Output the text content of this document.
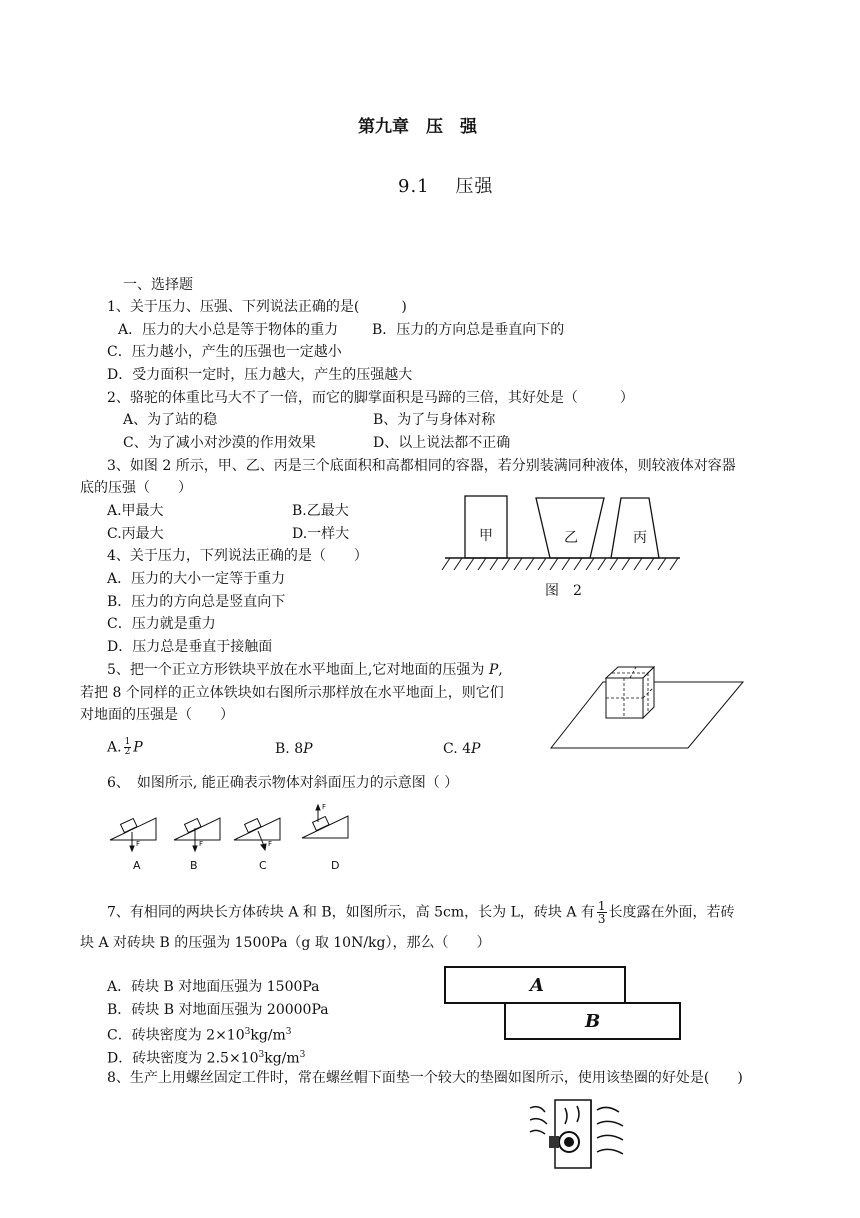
第九章　压　强
9.1　 压强
一、选择题
1、关于压力、压强、下列说法正确的是(　　　)
A．压力的大小总是等于物体的重力 B．压力的方向总是垂直向下的
C．压力越小，产生的压强也一定越小
D．受力面积一定时，压力越大，产生的压强越大
2、骆驼的体重比马大不了一倍，而它的脚掌面积是马蹄的三倍，其好处是（　　　）
A、为了站的稳	B、为了与身体对称
C、为了减小对沙漠的作用效果	D、以上说法都不正确
3、如图 2 所示，甲、乙、丙是三个底面积和高都相同的容器，若分别装满同种液体，则较液体对容器
底的压强（　　）
A.甲最大	B.乙最大
C.丙最大	D.一样大	甲	乙	丙
图　2
4、关于压力，下列说法正确的是（　　）
A．压力的大小一定等于重力
B．压力的方向总是竖直向下
C．压力就是重力
D．压力总是垂直于接触面
5、把一个正立方形铁块平放在水平地面上,它对地面的压强为 P,
若把 8 个同样的正立体铁块如右图所示那样放在水平地面上，则它们
对地面的压强是（　　）
A. $\frac{1}{2}$ P	B. 8P	C. 4P
6、　如图所示, 能正确表示物体对斜面压力的示意图（ ）
F	F	F
F
A	B	C	D
7、有相同的两块长方体砖块 A 和 B，如图所示，高 5cm，长为 L，砖块 A 有 $\frac{1}{3}$ 长度露在外面，若砖
块 A 对砖块 B 的压强为 1500Pa（g 取 10N/kg），那么（　　）
A．砖块 B 对地面压强为 1500Pa
B．砖块 B 对地面压强为 20000Pa
C．砖块密度为 $2\times 10^3kg/m^3$
D．砖块密度为 $2.5\times 10^3kg/m^3$
A
B
8、生产上用螺丝固定工件时，常在螺丝帽下面垫一个较大的垫圈如图所示，使用该垫圈的好处是(　　)
